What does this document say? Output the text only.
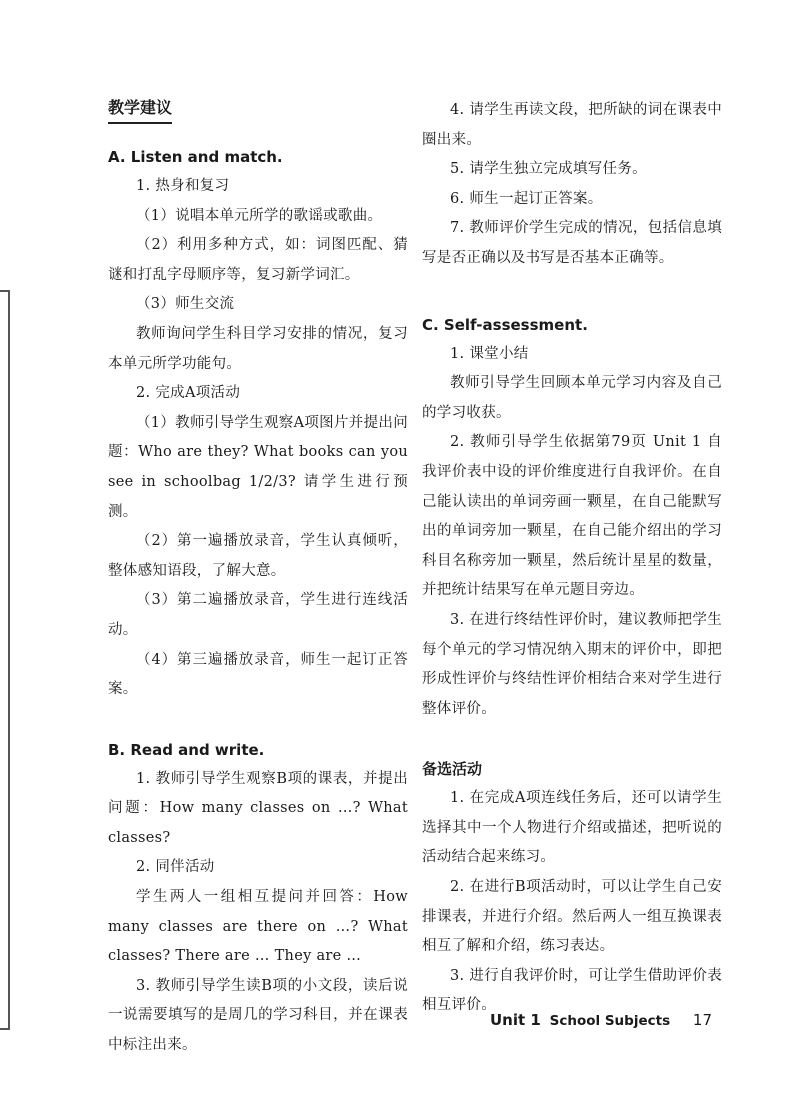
教学建议

A. Listen and match.

1. 热身和复习

（1）说唱本单元所学的歌谣或歌曲。

（2）利用多种方式，如：词图匹配、猜谜和打乱字母顺序等，复习新学词汇。

（3）师生交流

教师询问学生科目学习安排的情况，复习本单元所学功能句。

2. 完成A项活动

（1）教师引导学生观察A项图片并提出问题：Who are they? What books can you see in schoolbag 1/2/3? 请学生进行预测。

（2）第一遍播放录音，学生认真倾听，整体感知语段，了解大意。

（3）第二遍播放录音，学生进行连线活动。

（4）第三遍播放录音，师生一起订正答案。

B. Read and write.

1. 教师引导学生观察B项的课表，并提出问题：How many classes on …? What classes?

2. 同伴活动

学生两人一组相互提问并回答：How many classes are there on …? What classes? There are … They are …

3. 教师引导学生读B项的小文段，读后说一说需要填写的是周几的学习科目，并在课表中标注出来。

4. 请学生再读文段，把所缺的词在课表中圈出来。

5. 请学生独立完成填写任务。

6. 师生一起订正答案。

7. 教师评价学生完成的情况，包括信息填写是否正确以及书写是否基本正确等。

C. Self-assessment.

1. 课堂小结

教师引导学生回顾本单元学习内容及自己的学习收获。

2. 教师引导学生依据第79页 Unit 1 自我评价表中设的评价维度进行自我评价。在自己能认读出的单词旁画一颗星，在自己能默写出的单词旁加一颗星，在自己能介绍出的学习科目名称旁加一颗星，然后统计星星的数量，并把统计结果写在单元题目旁边。

3. 在进行终结性评价时，建议教师把学生每个单元的学习情况纳入期末的评价中，即把形成性评价与终结性评价相结合来对学生进行整体评价。

备选活动

1. 在完成A项连线任务后，还可以请学生选择其中一个人物进行介绍或描述，把听说的活动结合起来练习。

2. 在进行B项活动时，可以让学生自己安排课表，并进行介绍。然后两人一组互换课表相互了解和介绍，练习表达。

3. 进行自我评价时，可让学生借助评价表相互评价。

Unit 1 School Subjects 17
